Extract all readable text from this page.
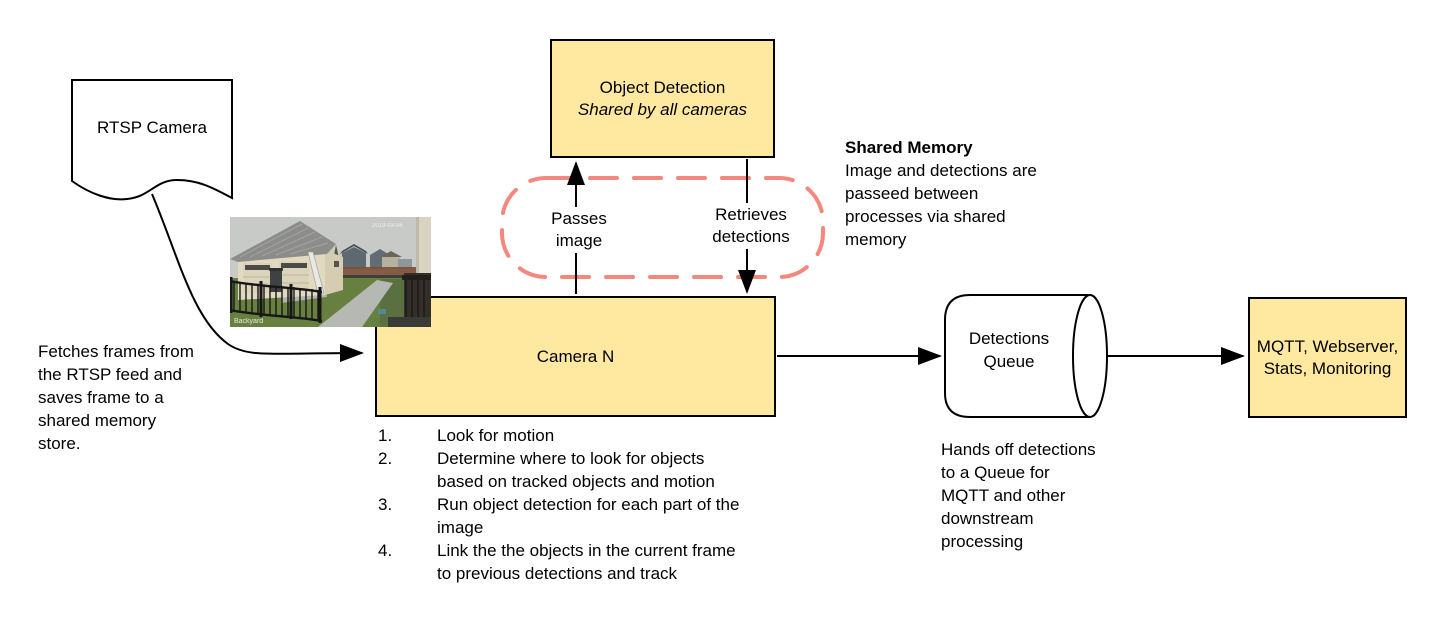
RTSP Camera
Object Detection
Shared by all cameras
Camera N
MQTT, Webserver,
Stats, Monitoring
Detections
Queue
Passes
image
Retrieves
detections
Fetches frames from
the RTSP feed and
saves frame to a
shared memory
store.
Shared Memory
Image and detections are
passeed between
processes via shared
memory
Hands off detections
to a Queue for
MQTT and other
downstream
processing
1.	Look for motion
2.	Determine where to look for objects
based on tracked objects and motion
3.	Run object detection for each part of the
image
4.	Link the the objects in the current frame
to previous detections and track
Backyard
2019-03-06
